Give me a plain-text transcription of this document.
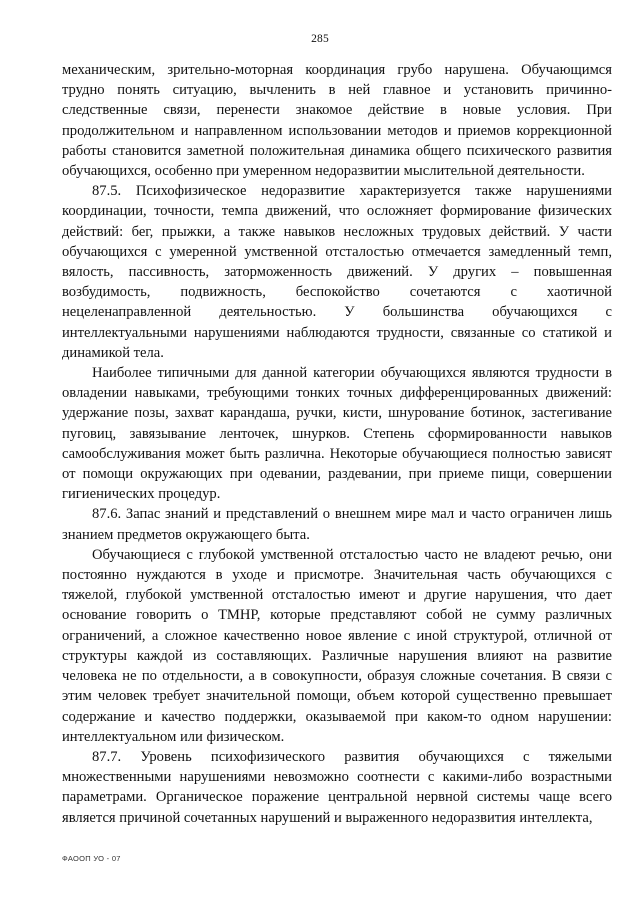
285

механическим, зрительно-моторная координация грубо нарушена. Обучающимся трудно понять ситуацию, вычленить в ней главное и установить причинно-следственные связи, перенести знакомое действие в новые условия. При продолжительном и направленном использовании методов и приемов коррекционной работы становится заметной положительная динамика общего психического развития обучающихся, особенно при умеренном недоразвитии мыслительной деятельности.

87.5. Психофизическое недоразвитие характеризуется также нарушениями координации, точности, темпа движений, что осложняет формирование физических действий: бег, прыжки, а также навыков несложных трудовых действий. У части обучающихся с умеренной умственной отсталостью отмечается замедленный темп, вялость, пассивность, заторможенность движений. У других – повышенная возбудимость, подвижность, беспокойство сочетаются с хаотичной нецеленаправленной деятельностью. У большинства обучающихся с интеллектуальными нарушениями наблюдаются трудности, связанные со статикой и динамикой тела.

Наиболее типичными для данной категории обучающихся являются трудности в овладении навыками, требующими тонких точных дифференцированных движений: удержание позы, захват карандаша, ручки, кисти, шнурование ботинок, застегивание пуговиц, завязывание ленточек, шнурков. Степень сформированности навыков самообслуживания может быть различна. Некоторые обучающиеся полностью зависят от помощи окружающих при одевании, раздевании, при приеме пищи, совершении гигиенических процедур.

87.6. Запас знаний и представлений о внешнем мире мал и часто ограничен лишь знанием предметов окружающего быта.

Обучающиеся с глубокой умственной отсталостью часто не владеют речью, они постоянно нуждаются в уходе и присмотре. Значительная часть обучающихся с тяжелой, глубокой умственной отсталостью имеют и другие нарушения, что дает основание говорить о ТМНР, которые представляют собой не сумму различных ограничений, а сложное качественно новое явление с иной структурой, отличной от структуры каждой из составляющих. Различные нарушения влияют на развитие человека не по отдельности, а в совокупности, образуя сложные сочетания. В связи с этим человек требует значительной помощи, объем которой существенно превышает содержание и качество поддержки, оказываемой при каком-то одном нарушении: интеллектуальном или физическом.

87.7. Уровень психофизического развития обучающихся с тяжелыми множественными нарушениями невозможно соотнести с какими-либо возрастными параметрами. Органическое поражение центральной нервной системы чаще всего является причиной сочетанных нарушений и выраженного недоразвития интеллекта,

ФАООП УО - 07
